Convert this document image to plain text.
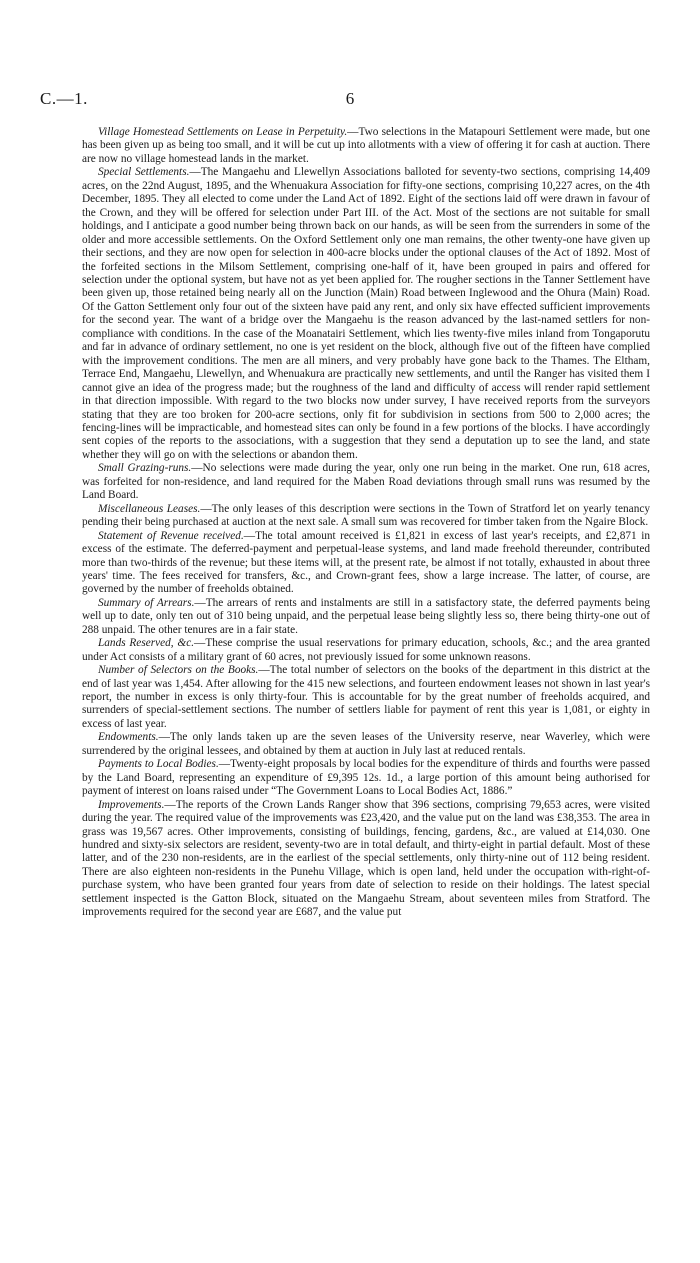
C.—1.	6

Village Homestead Settlements on Lease in Perpetuity.—Two selections in the Matapouri Settlement were made, but one has been given up as being too small, and it will be cut up into allotments with a view of offering it for cash at auction. There are now no village homestead lands in the market.

Special Settlements.—The Mangaehu and Llewellyn Associations balloted for seventy-two sections, comprising 14,409 acres, on the 22nd August, 1895, and the Whenuakura Association for fifty-one sections, comprising 10,227 acres, on the 4th December, 1895. They all elected to come under the Land Act of 1892. Eight of the sections laid off were drawn in favour of the Crown, and they will be offered for selection under Part III. of the Act. Most of the sections are not suitable for small holdings, and I anticipate a good number being thrown back on our hands, as will be seen from the surrenders in some of the older and more accessible settlements. On the Oxford Settlement only one man remains, the other twenty-one have given up their sections, and they are now open for selection in 400-acre blocks under the optional clauses of the Act of 1892. Most of the forfeited sections in the Milsom Settlement, comprising one-half of it, have been grouped in pairs and offered for selection under the optional system, but have not as yet been applied for. The rougher sections in the Tanner Settlement have been given up, those retained being nearly all on the Junction (Main) Road between Inglewood and the Ohura (Main) Road. Of the Gatton Settlement only four out of the sixteen have paid any rent, and only six have effected sufficient improvements for the second year. The want of a bridge over the Mangaehu is the reason advanced by the last-named settlers for non-compliance with conditions. In the case of the Moanatairi Settlement, which lies twenty-five miles inland from Tongaporutu and far in advance of ordinary settlement, no one is yet resident on the block, although five out of the fifteen have complied with the improvement conditions. The men are all miners, and very probably have gone back to the Thames. The Eltham, Terrace End, Mangaehu, Llewellyn, and Whenuakura are practically new settlements, and until the Ranger has visited them I cannot give an idea of the progress made; but the roughness of the land and difficulty of access will render rapid settlement in that direction impossible. With regard to the two blocks now under survey, I have received reports from the surveyors stating that they are too broken for 200-acre sections, only fit for subdivision in sections from 500 to 2,000 acres; the fencing-lines will be impracticable, and homestead sites can only be found in a few portions of the blocks. I have accordingly sent copies of the reports to the associations, with a suggestion that they send a deputation up to see the land, and state whether they will go on with the selections or abandon them.

Small Grazing-runs.—No selections were made during the year, only one run being in the market. One run, 618 acres, was forfeited for non-residence, and land required for the Maben Road deviations through small runs was resumed by the Land Board.

Miscellaneous Leases.—The only leases of this description were sections in the Town of Stratford let on yearly tenancy pending their being purchased at auction at the next sale. A small sum was recovered for timber taken from the Ngaire Block.

Statement of Revenue received.—The total amount received is £1,821 in excess of last year's receipts, and £2,871 in excess of the estimate. The deferred-payment and perpetual-lease systems, and land made freehold thereunder, contributed more than two-thirds of the revenue; but these items will, at the present rate, be almost if not totally, exhausted in about three years' time. The fees received for transfers, &c., and Crown-grant fees, show a large increase. The latter, of course, are governed by the number of freeholds obtained.

Summary of Arrears.—The arrears of rents and instalments are still in a satisfactory state, the deferred payments being well up to date, only ten out of 310 being unpaid, and the perpetual lease being slightly less so, there being thirty-one out of 288 unpaid. The other tenures are in a fair state.

Lands Reserved, &c.—These comprise the usual reservations for primary education, schools, &c.; and the area granted under Act consists of a military grant of 60 acres, not previously issued for some unknown reasons.

Number of Selectors on the Books.—The total number of selectors on the books of the department in this district at the end of last year was 1,454. After allowing for the 415 new selections, and fourteen endowment leases not shown in last year's report, the number in excess is only thirty-four. This is accountable for by the great number of freeholds acquired, and surrenders of special-settlement sections. The number of settlers liable for payment of rent this year is 1,081, or eighty in excess of last year.

Endowments.—The only lands taken up are the seven leases of the University reserve, near Waverley, which were surrendered by the original lessees, and obtained by them at auction in July last at reduced rentals.

Payments to Local Bodies.—Twenty-eight proposals by local bodies for the expenditure of thirds and fourths were passed by the Land Board, representing an expenditure of £9,395 12s. 1d., a large portion of this amount being authorised for payment of interest on loans raised under “The Government Loans to Local Bodies Act, 1886.”

Improvements.—The reports of the Crown Lands Ranger show that 396 sections, comprising 79,653 acres, were visited during the year. The required value of the improvements was £23,420, and the value put on the land was £38,353. The area in grass was 19,567 acres. Other improvements, consisting of buildings, fencing, gardens, &c., are valued at £14,030. One hundred and sixty-six selectors are resident, seventy-two are in total default, and thirty-eight in partial default. Most of these latter, and of the 230 non-residents, are in the earliest of the special settlements, only thirty-nine out of 112 being resident. There are also eighteen non-residents in the Punehu Village, which is open land, held under the occupation with-right-of-purchase system, who have been granted four years from date of selection to reside on their holdings. The latest special settlement inspected is the Gatton Block, situated on the Mangaehu Stream, about seventeen miles from Stratford. The improvements required for the second year are £687, and the value put
